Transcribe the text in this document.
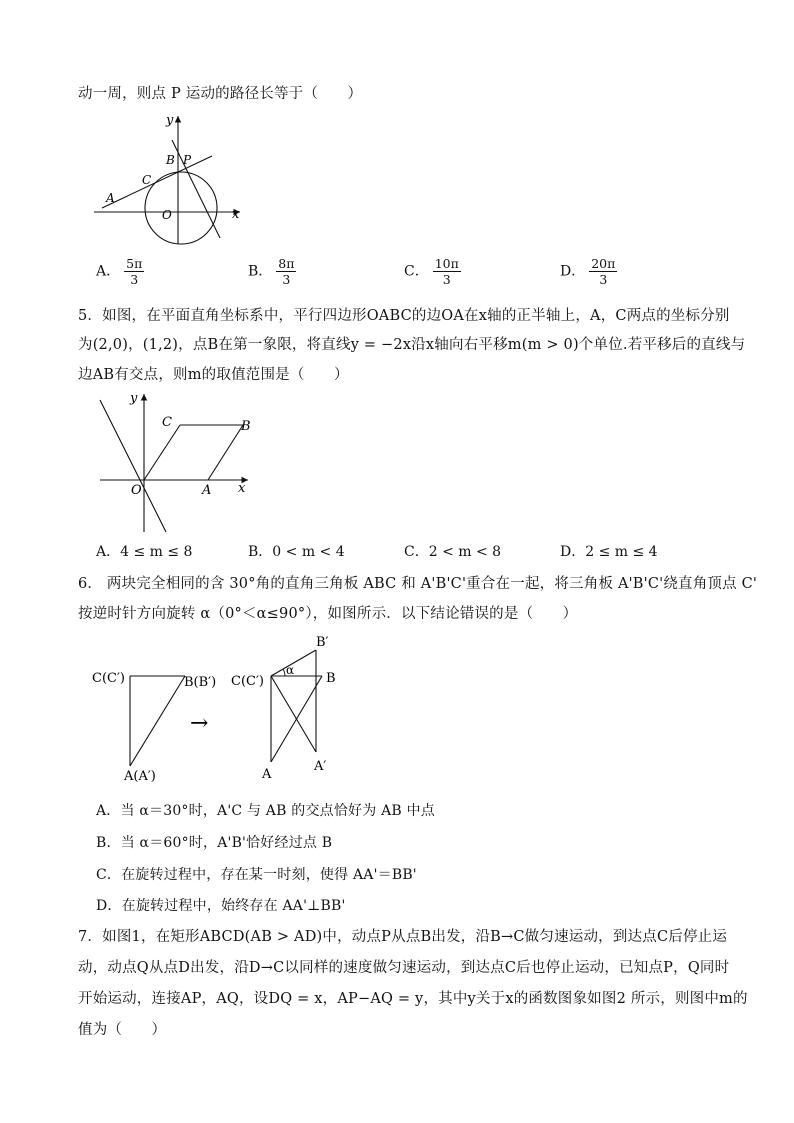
动一周，则点 P 运动的路径长等于（　　）
y
x
B P
C
A
O
A． $\frac{5\pi}{3}$	B． $\frac{8\pi}{3}$	C． $\frac{10\pi}{3}$	D． $\frac{20\pi}{3}$
5．如图，在平面直角坐标系中，平行四边形OABC的边OA在x轴的正半轴上，A，C两点的坐标分别
为(2,0)，(1,2)，点B在第一象限，将直线y = −2x沿x轴向右平移m(m > 0)个单位.若平移后的直线与
边AB有交点，则m的取值范围是（　　）
y
x
C	B
O	A
A．4 ≤ m ≤ 8	B．0 < m < 4	C．2 < m < 8	D．2 ≤ m ≤ 4
6． 两块完全相同的含 30°角的直角三角板 ABC 和 A'B'C'重合在一起，将三角板 A'B'C'绕直角顶点 C'
按逆时针方向旋转 α（0°＜α≤90°），如图所示．以下结论错误的是（　　）
C(C′)	B(B′)
A(A′)
→
B′
α
C(C′)	B
A
A′
A．当 α＝30°时，A'C 与 AB 的交点恰好为 AB 中点
B．当 α＝60°时，A'B'恰好经过点 B
C．在旋转过程中，存在某一时刻，使得 AA'＝BB'
D．在旋转过程中，始终存在 AA'⊥BB'
7．如图1，在矩形ABCD(AB > AD)中，动点P从点B出发，沿B→C做匀速运动，到达点C后停止运
动，动点Q从点D出发，沿D→C以同样的速度做匀速运动，到达点C后也停止运动，已知点P，Q同时
开始运动，连接AP，AQ，设DQ = x，AP−AQ = y，其中y关于x的函数图象如图2 所示，则图中m的
值为（　　）
